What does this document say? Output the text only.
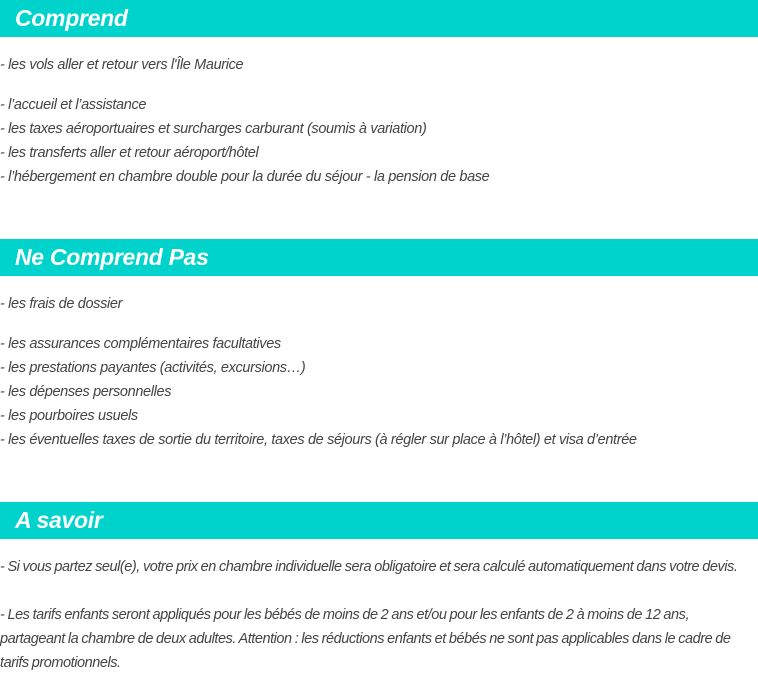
Comprend
- les vols aller et retour vers l'Île Maurice
- l’accueil et l’assistance
- les taxes aéroportuaires et surcharges carburant (soumis à variation)
- les transferts aller et retour aéroport/hôtel
- l’hébergement en chambre double pour la durée du séjour - la pension de base
Ne Comprend Pas
- les frais de dossier
- les assurances complémentaires facultatives
- les prestations payantes (activités, excursions…)
- les dépenses personnelles
- les pourboires usuels
- les éventuelles taxes de sortie du territoire, taxes de séjours (à régler sur place à l’hôtel) et visa d’entrée
A savoir

- Si vous partez seul(e), votre prix en chambre individuelle sera obligatoire et sera calculé automatiquement dans votre devis.

- Les tarifs enfants seront appliqués pour les bébés de moins de 2 ans et/ou pour les enfants de 2 à moins de 12 ans, partageant la chambre de deux adultes. Attention : les réductions enfants et bébés ne sont pas applicables dans le cadre de tarifs promotionnels.
